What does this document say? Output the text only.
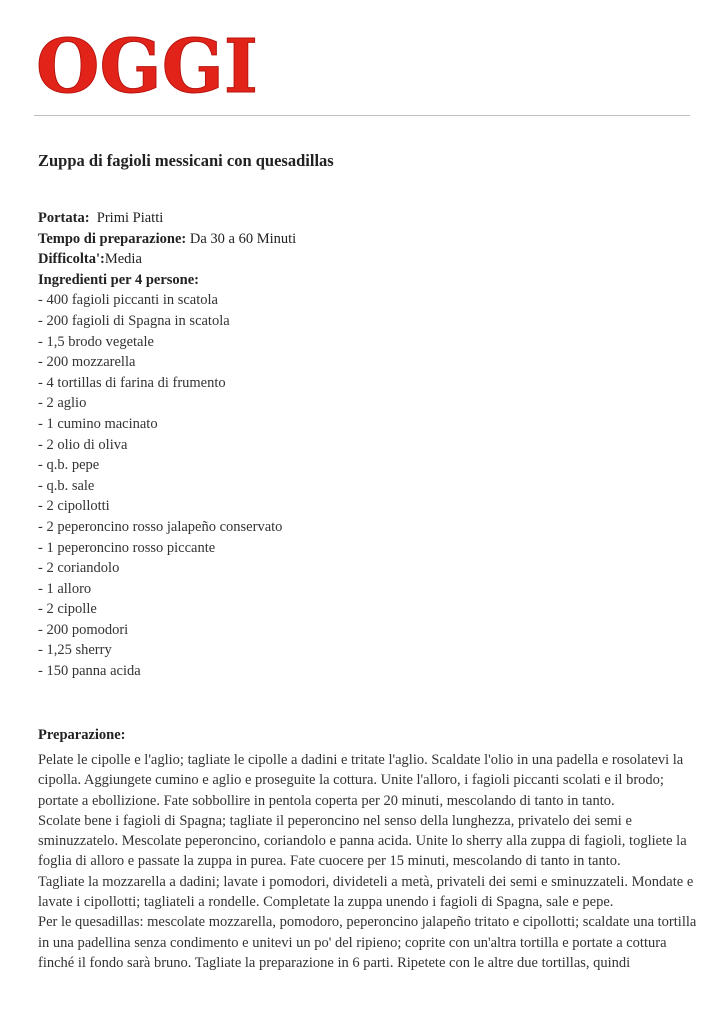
OGGI
Zuppa di fagioli messicani con quesadillas
Portata: Primi Piatti
Tempo di preparazione: Da 30 a 60 Minuti
Difficolta':Media
Ingredienti per 4 persone:
- 400 fagioli piccanti in scatola
- 200 fagioli di Spagna in scatola
- 1,5 brodo vegetale
- 200 mozzarella
- 4 tortillas di farina di frumento
- 2 aglio
- 1 cumino macinato
- 2 olio di oliva
- q.b. pepe
- q.b. sale
- 2 cipollotti
- 2 peperoncino rosso jalapeño conservato
- 1 peperoncino rosso piccante
- 2 coriandolo
- 1 alloro
- 2 cipolle
- 200 pomodori
- 1,25 sherry
- 150 panna acida
Preparazione:

Pelate le cipolle e l'aglio; tagliate le cipolle a dadini e tritate l'aglio. Scaldate l'olio in una padella e rosolatevi la cipolla. Aggiungete cumino e aglio e proseguite la cottura. Unite l'alloro, i fagioli piccanti scolati e il brodo; portate a ebollizione. Fate sobbollire in pentola coperta per 20 minuti, mescolando di tanto in tanto.

Scolate bene i fagioli di Spagna; tagliate il peperoncino nel senso della lunghezza, privatelo dei semi e sminuzzatelo. Mescolate peperoncino, coriandolo e panna acida. Unite lo sherry alla zuppa di fagioli, togliete la foglia di alloro e passate la zuppa in purea. Fate cuocere per 15 minuti, mescolando di tanto in tanto.

Tagliate la mozzarella a dadini; lavate i pomodori, divideteli a metà, privateli dei semi e sminuzzateli. Mondate e lavate i cipollotti; tagliateli a rondelle. Completate la zuppa unendo i fagioli di Spagna, sale e pepe.

Per le quesadillas: mescolate mozzarella, pomodoro, peperoncino jalapeño tritato e cipollotti; scaldate una tortilla in una padellina senza condimento e unitevi un po' del ripieno; coprite con un'altra tortilla e portate a cottura finché il fondo sarà bruno. Tagliate la preparazione in 6 parti. Ripetete con le altre due tortillas, quindi
